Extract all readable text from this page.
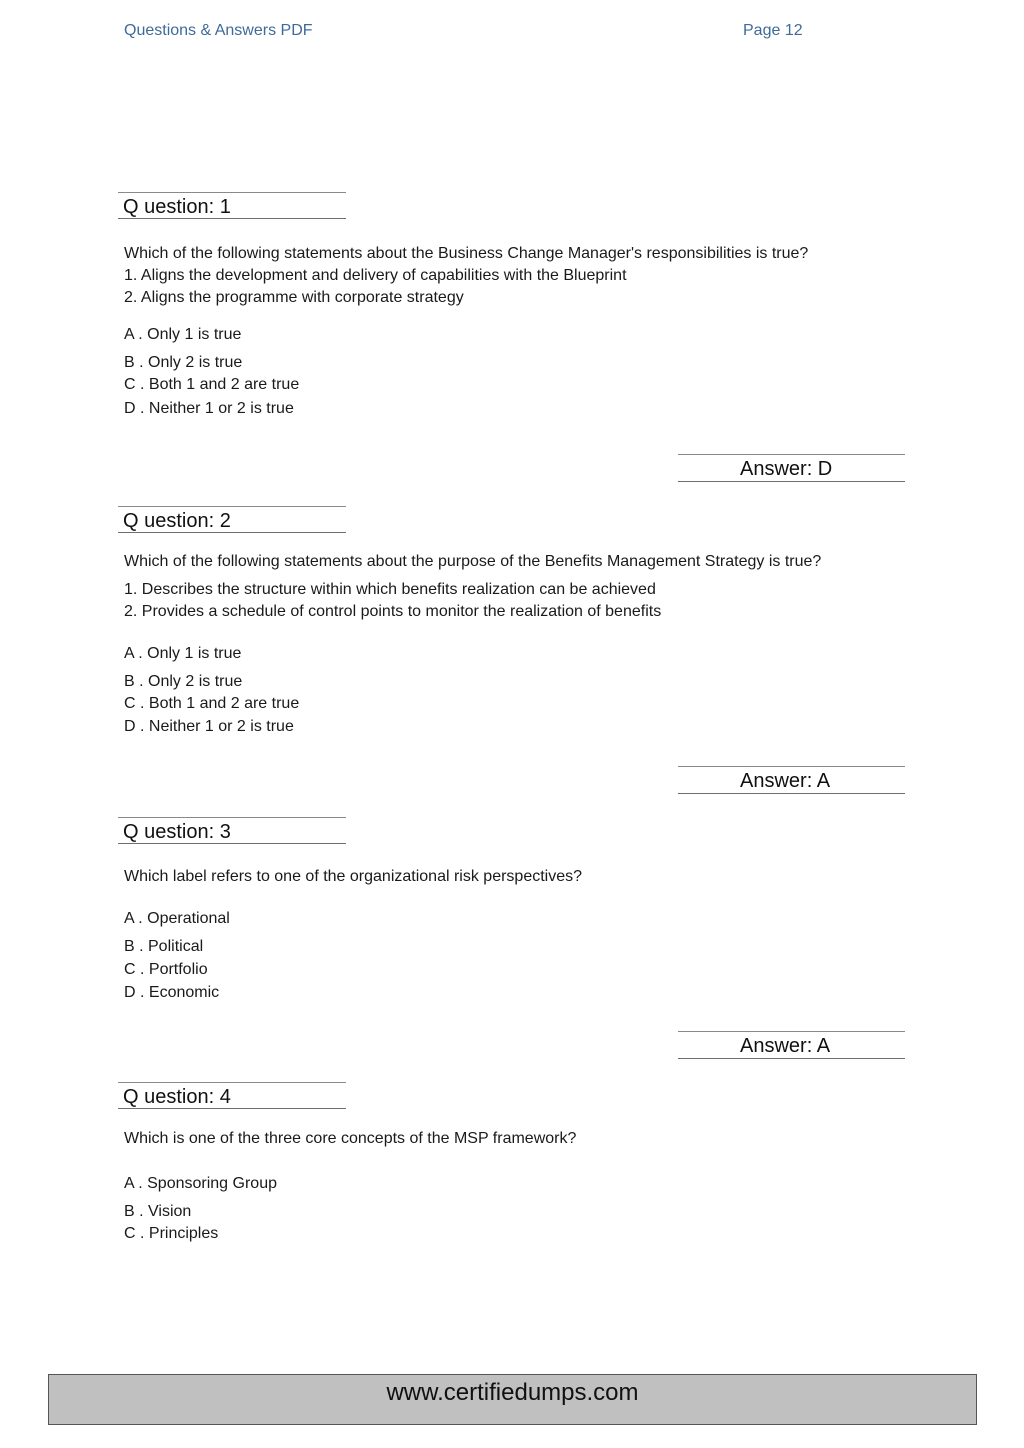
Questions & Answers PDF	Page 12
Q uestion: 1
Which of the following statements about the Business Change Manager's responsibilities is true?
1. Aligns the development and delivery of capabilities with the Blueprint
2. Aligns the programme with corporate strategy
A . Only 1 is true
B . Only 2 is true
C . Both 1 and 2 are true
D . Neither 1 or 2 is true
Answer: D
Q uestion: 2
Which of the following statements about the purpose of the Benefits Management Strategy is true?
1. Describes the structure within which benefits realization can be achieved
2. Provides a schedule of control points to monitor the realization of benefits
A . Only 1 is true
B . Only 2 is true
C . Both 1 and 2 are true
D . Neither 1 or 2 is true
Answer: A
Q uestion: 3
Which label refers to one of the organizational risk perspectives?
A . Operational
B . Political
C . Portfolio
D . Economic
Answer: A
Q uestion: 4
Which is one of the three core concepts of the MSP framework?
A . Sponsoring Group
B . Vision
C . Principles
www.certifiedumps.com
